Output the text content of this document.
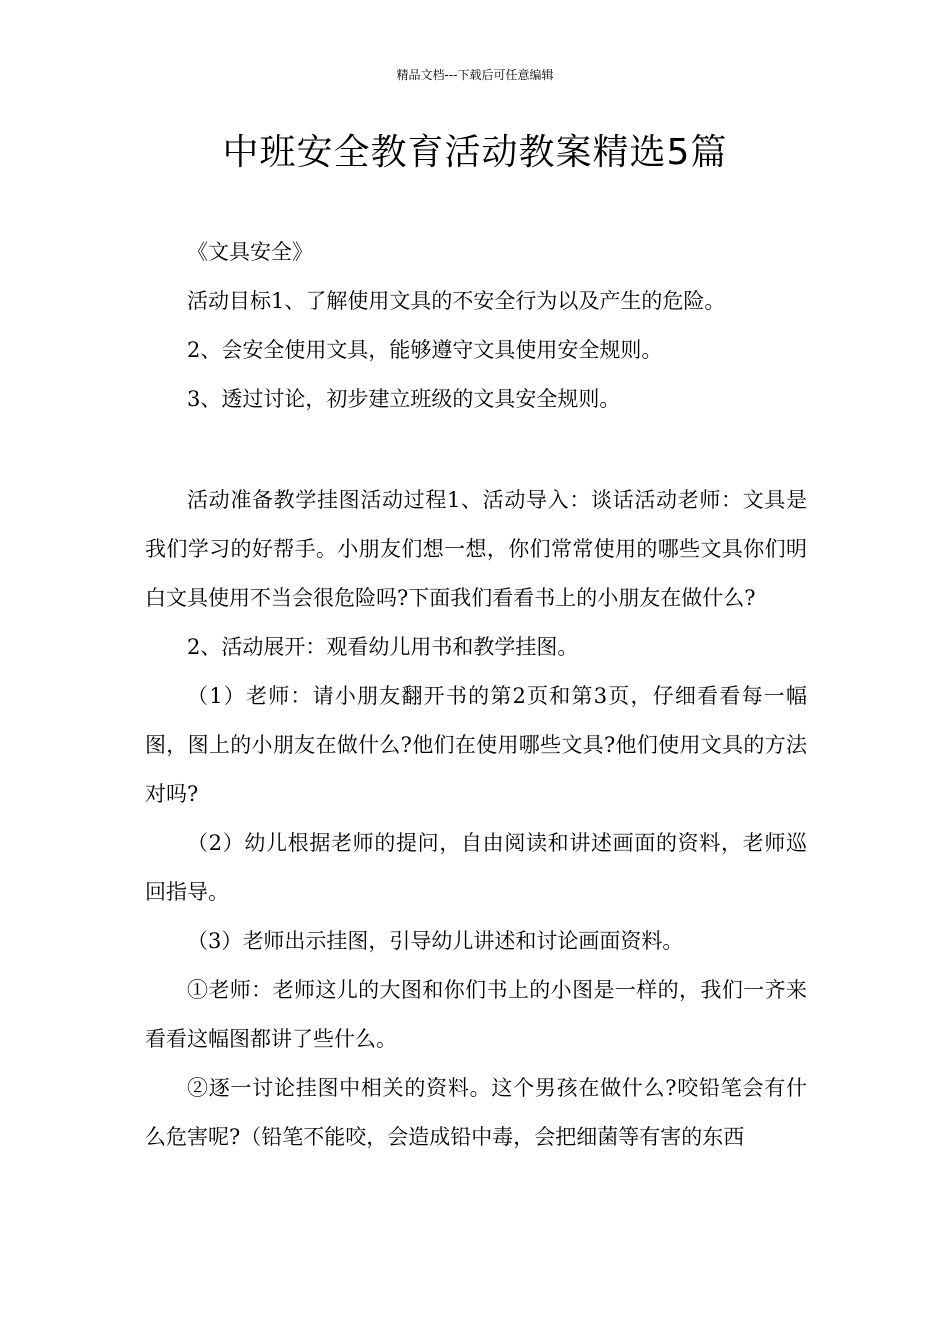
精品文档---下载后可任意编辑
中班安全教育活动教案精选5篇

《文具安全》

活动目标1、了解使用文具的不安全行为以及产生的危险。

2、会安全使用文具，能够遵守文具使用安全规则。

3、透过讨论，初步建立班级的文具安全规则。

活动准备教学挂图活动过程1、活动导入：谈话活动老师：文具是我们学习的好帮手。小朋友们想一想，你们常常使用的哪些文具你们明白文具使用不当会很危险吗?下面我们看看书上的小朋友在做什么?

2、活动展开：观看幼儿用书和教学挂图。

（1）老师：请小朋友翻开书的第2页和第3页，仔细看看每一幅图，图上的小朋友在做什么?他们在使用哪些文具?他们使用文具的方法对吗?

（2）幼儿根据老师的提问，自由阅读和讲述画面的资料，老师巡回指导。

（3）老师出示挂图，引导幼儿讲述和讨论画面资料。

①老师：老师这儿的大图和你们书上的小图是一样的，我们一齐来看看这幅图都讲了些什么。

②逐一讨论挂图中相关的资料。这个男孩在做什么?咬铅笔会有什么危害呢?（铅笔不能咬，会造成铅中毒，会把细菌等有害的东西
